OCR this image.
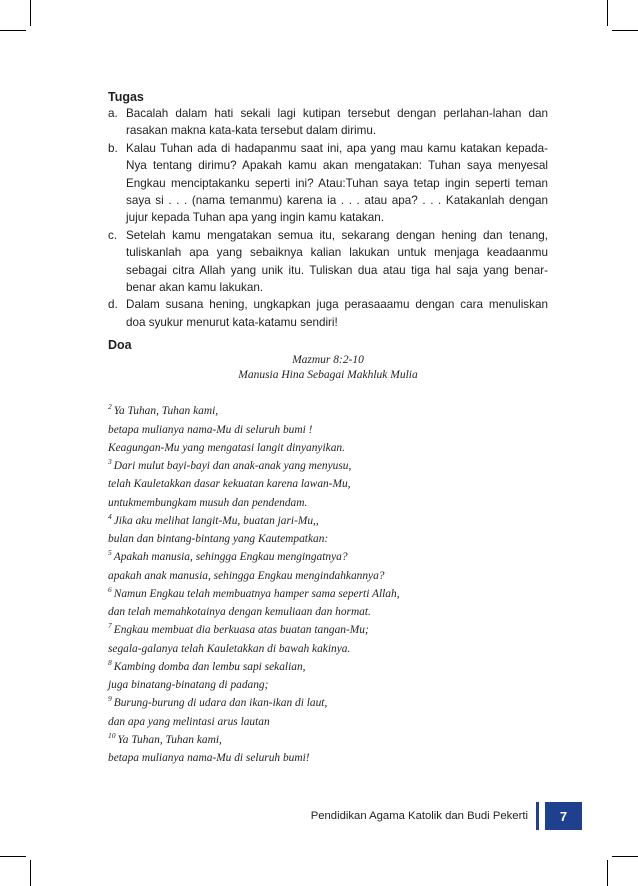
Tugas
a. Bacalah dalam hati sekali lagi kutipan tersebut dengan perlahan-lahan dan rasakan makna kata-kata tersebut dalam dirimu.
b. Kalau Tuhan ada di hadapanmu saat ini, apa yang mau kamu katakan kepada-Nya tentang dirimu? Apakah kamu akan mengatakan: Tuhan saya menyesal Engkau menciptakanku seperti ini? Atau:Tuhan saya tetap ingin seperti teman saya si . . . (nama temanmu) karena ia . . . atau apa? . . . Katakanlah dengan jujur kepada Tuhan apa yang ingin kamu katakan.
c. Setelah kamu mengatakan semua itu, sekarang dengan hening dan tenang, tuliskanlah apa yang sebaiknya kalian lakukan untuk menjaga keadaanmu sebagai citra Allah yang unik itu. Tuliskan dua atau tiga hal saja yang benar-benar akan kamu lakukan.
d. Dalam susana hening, ungkapkan juga perasaaamu dengan cara menuliskan doa syukur menurut kata-katamu sendiri!
Doa
Mazmur 8:2-10
Manusia Hina Sebagai Makhluk Mulia
$^2$ Ya Tuhan, Tuhan kami,
betapa mulianya nama-Mu di seluruh bumi !
Keagungan-Mu yang mengatasi langit dinyanyikan.
$^3$ Dari mulut bayi-bayi dan anak-anak yang menyusu,
telah Kauletakkan dasar kekuatan karena lawan-Mu,
untukmembungkam musuh dan pendendam.
$^4$ Jika aku melihat langit-Mu, buatan jari-Mu,,
bulan dan bintang-bintang yang Kautempatkan:
$^5$ Apakah manusia, sehingga Engkau mengingatnya?
apakah anak manusia, sehingga Engkau mengindahkannya?
$^6$ Namun Engkau telah membuatnya hamper sama seperti Allah,
dan telah memahkotainya dengan kemuliaan dan hormat.
$^7$ Engkau membuat dia berkuasa atas buatan tangan-Mu;
segala-galanya telah Kauletakkan di bawah kakinya.
$^8$ Kambing domba dan lembu sapi sekalian,
juga binatang-binatang di padang;
$^9$ Burung-burung di udara dan ikan-ikan di laut,
dan apa yang melintasi arus lautan
$^{10}$ Ya Tuhan, Tuhan kami,
betapa mulianya nama-Mu di seluruh bumi!
Pendidikan Agama Katolik dan Budi Pekerti	7
